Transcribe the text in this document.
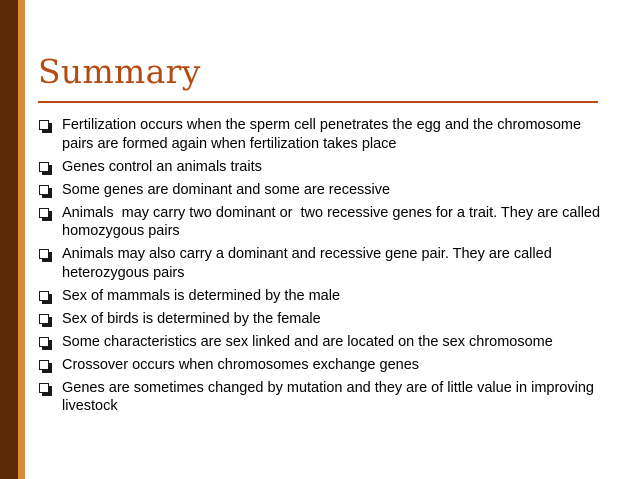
Summary
Fertilization occurs when the sperm cell penetrates the egg and the chromosome pairs are formed again when fertilization takes place
Genes control an animals traits
Some genes are dominant and some are recessive
Animals  may carry two dominant or  two recessive genes for a trait. They are called homozygous pairs
Animals may also carry a dominant and recessive gene pair. They are called heterozygous pairs
Sex of mammals is determined by the male
Sex of birds is determined by the female
Some characteristics are sex linked and are located on the sex chromosome
Crossover occurs when chromosomes exchange genes
Genes are sometimes changed by mutation and they are of little value in improving livestock
